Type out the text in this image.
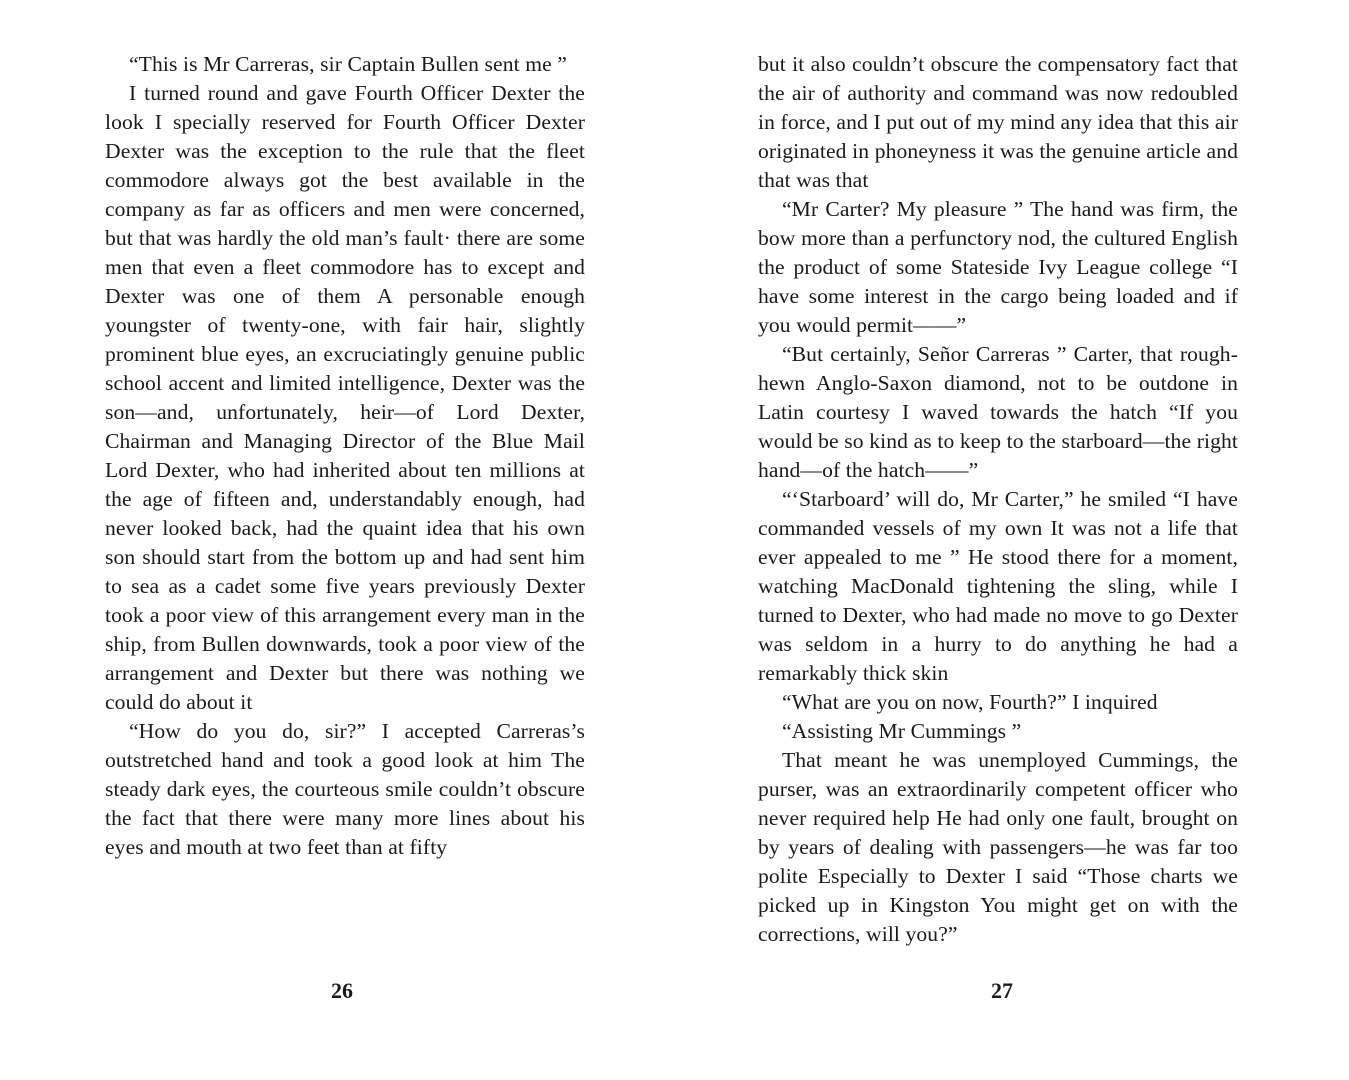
“This is Mr Carreras, sir Captain Bullen sent me ”

I turned round and gave Fourth Officer Dexter the look I specially reserved for Fourth Officer Dexter Dexter was the exception to the rule that the fleet commodore always got the best available in the company as far as officers and men were concerned, but that was hardly the old man’s fault· there are some men that even a fleet commodore has to except and Dexter was one of them A personable enough youngster of twenty-one, with fair hair, slightly prominent blue eyes, an excruciatingly genuine public school accent and limited intelligence, Dexter was the son—and, unfortunately, heir—of Lord Dexter, Chairman and Managing Director of the Blue Mail Lord Dexter, who had inherited about ten millions at the age of fifteen and, understandably enough, had never looked back, had the quaint idea that his own son should start from the bottom up and had sent him to sea as a cadet some five years previously Dexter took a poor view of this arrangement every man in the ship, from Bullen downwards, took a poor view of the arrangement and Dexter but there was nothing we could do about it

“How do you do, sir?” I accepted Carreras’s outstretched hand and took a good look at him The steady dark eyes, the courteous smile couldn’t obscure the fact that there were many more lines about his eyes and mouth at two feet than at fifty

26

but it also couldn’t obscure the compensatory fact that the air of authority and command was now redoubled in force, and I put out of my mind any idea that this air originated in phoneyness it was the genuine article and that was that

“Mr Carter? My pleasure ” The hand was firm, the bow more than a perfunctory nod, the cultured English the product of some Stateside Ivy League college “I have some interest in the cargo being loaded and if you would permit——”

“But certainly, Señor Carreras ” Carter, that rough-hewn Anglo-Saxon diamond, not to be outdone in Latin courtesy I waved towards the hatch “If you would be so kind as to keep to the starboard—the right hand—of the hatch——”

“‘Starboard’ will do, Mr Carter,” he smiled “I have commanded vessels of my own It was not a life that ever appealed to me ” He stood there for a moment, watching MacDonald tightening the sling, while I turned to Dexter, who had made no move to go Dexter was seldom in a hurry to do anything he had a remarkably thick skin

“What are you on now, Fourth?” I inquired

“Assisting Mr Cummings ”

That meant he was unemployed Cummings, the purser, was an extraordinarily competent officer who never required help He had only one fault, brought on by years of dealing with passengers—he was far too polite Especially to Dexter I said “Those charts we picked up in Kingston You might get on with the corrections, will you?”

27
